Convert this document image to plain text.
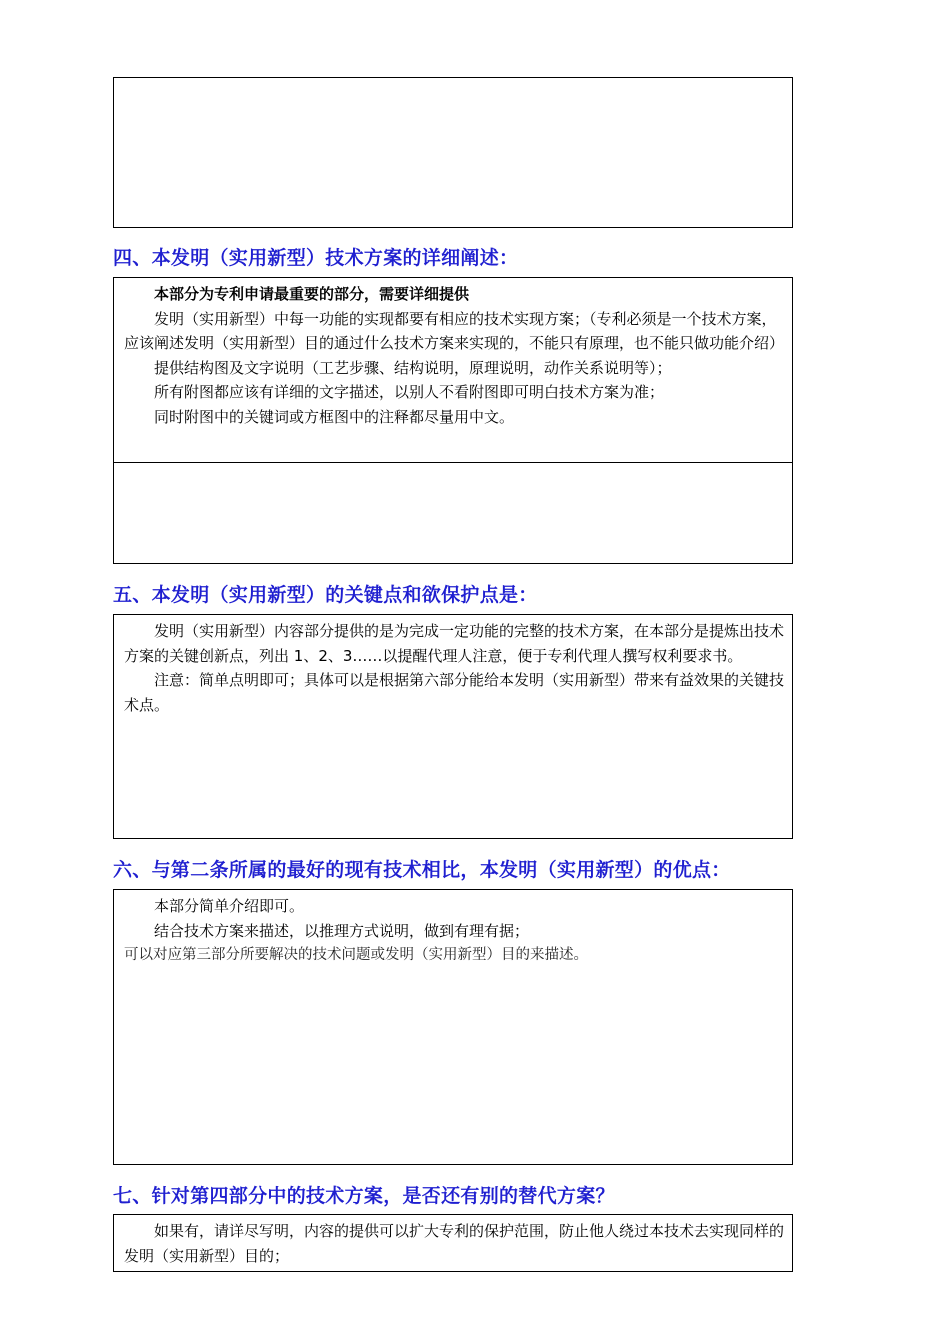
四、本发明（实用新型）技术方案的详细阐述：

本部分为专利申请最重要的部分，需要详细提供

发明（实用新型）中每一功能的实现都要有相应的技术实现方案；（专利必须是一个技术方案，应该阐述发明（实用新型）目的通过什么技术方案来实现的，不能只有原理，也不能只做功能介绍）

提供结构图及文字说明（工艺步骤、结构说明，原理说明，动作关系说明等）；

所有附图都应该有详细的文字描述，以别人不看附图即可明白技术方案为准；

同时附图中的关键词或方框图中的注释都尽量用中文。

五、本发明（实用新型）的关键点和欲保护点是：

发明（实用新型）内容部分提供的是为完成一定功能的完整的技术方案，在本部分是提炼出技术方案的关键创新点，列出 1、2、3……以提醒代理人注意，便于专利代理人撰写权利要求书。

注意：简单点明即可；具体可以是根据第六部分能给本发明（实用新型）带来有益效果的关键技术点。

六、与第二条所属的最好的现有技术相比，本发明（实用新型）的优点：

本部分简单介绍即可。

结合技术方案来描述，以推理方式说明，做到有理有据；

可以对应第三部分所要解决的技术问题或发明（实用新型）目的来描述。

七、针对第四部分中的技术方案，是否还有别的替代方案？

如果有，请详尽写明，内容的提供可以扩大专利的保护范围，防止他人绕过本技术去实现同样的发明（实用新型）目的；
